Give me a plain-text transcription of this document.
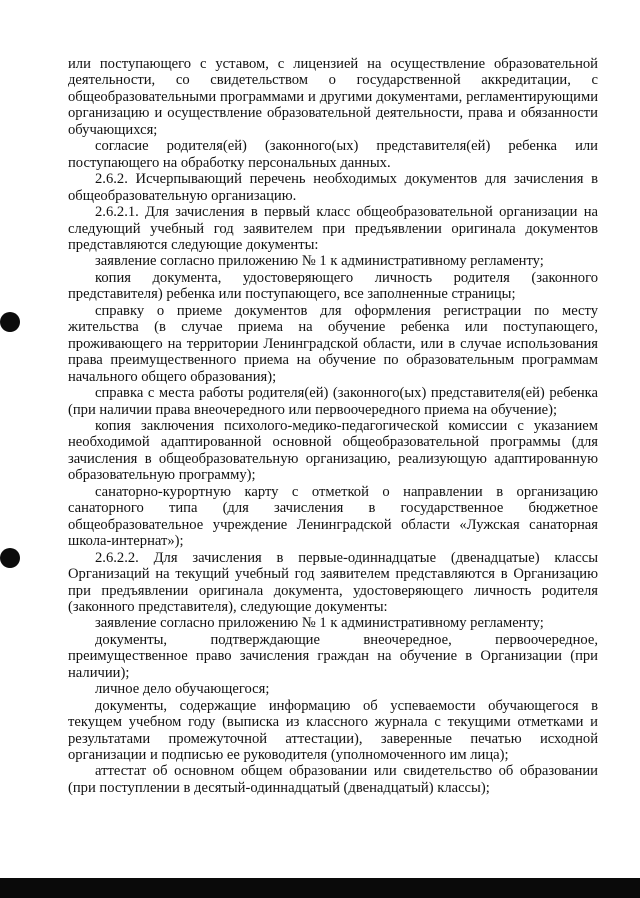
или поступающего с уставом, с лицензией на осуществление образовательной деятельности, со свидетельством о государственной аккредитации, с общеобразовательными программами и другими документами, регламентирующими организацию и осуществление образовательной деятельности, права и обязанности обучающихся;

согласие родителя(ей) (законного(ых) представителя(ей) ребенка или поступающего на обработку персональных данных.

2.6.2. Исчерпывающий перечень необходимых документов для зачисления в общеобразовательную организацию.

2.6.2.1. Для зачисления в первый класс общеобразовательной организации на следующий учебный год заявителем при предъявлении оригинала документов представляются следующие документы:

заявление согласно приложению № 1 к административному регламенту;

копия документа, удостоверяющего личность родителя (законного представителя) ребенка или поступающего, все заполненные страницы;

справку о приеме документов для оформления регистрации по месту жительства (в случае приема на обучение ребенка или поступающего, проживающего на территории Ленинградской области, или в случае использования права преимущественного приема на обучение по образовательным программам начального общего образования);

справка с места работы родителя(ей) (законного(ых) представителя(ей) ребенка (при наличии права внеочередного или первоочередного приема на обучение);

копия заключения психолого-медико-педагогической комиссии с указанием необходимой адаптированной основной общеобразовательной программы (для зачисления в общеобразовательную организацию, реализующую адаптированную образовательную программу);

санаторно-курортную карту с отметкой о направлении в организацию санаторного типа (для зачисления в государственное бюджетное общеобразовательное учреждение Ленинградской области «Лужская санаторная школа-интернат»);

2.6.2.2. Для зачисления в первые-одиннадцатые (двенадцатые) классы Организаций на текущий учебный год заявителем представляются в Организацию при предъявлении оригинала документа, удостоверяющего личность родителя (законного представителя), следующие документы:

заявление согласно приложению № 1 к административному регламенту;

документы, подтверждающие внеочередное, первоочередное, преимущественное право зачисления граждан на обучение в Организации (при наличии);

личное дело обучающегося;

документы, содержащие информацию об успеваемости обучающегося в текущем учебном году (выписка из классного журнала с текущими отметками и результатами промежуточной аттестации), заверенные печатью исходной организации и подписью ее руководителя (уполномоченного им лица);

аттестат об основном общем образовании или свидетельство об образовании (при поступлении в десятый-одиннадцатый (двенадцатый) классы);
